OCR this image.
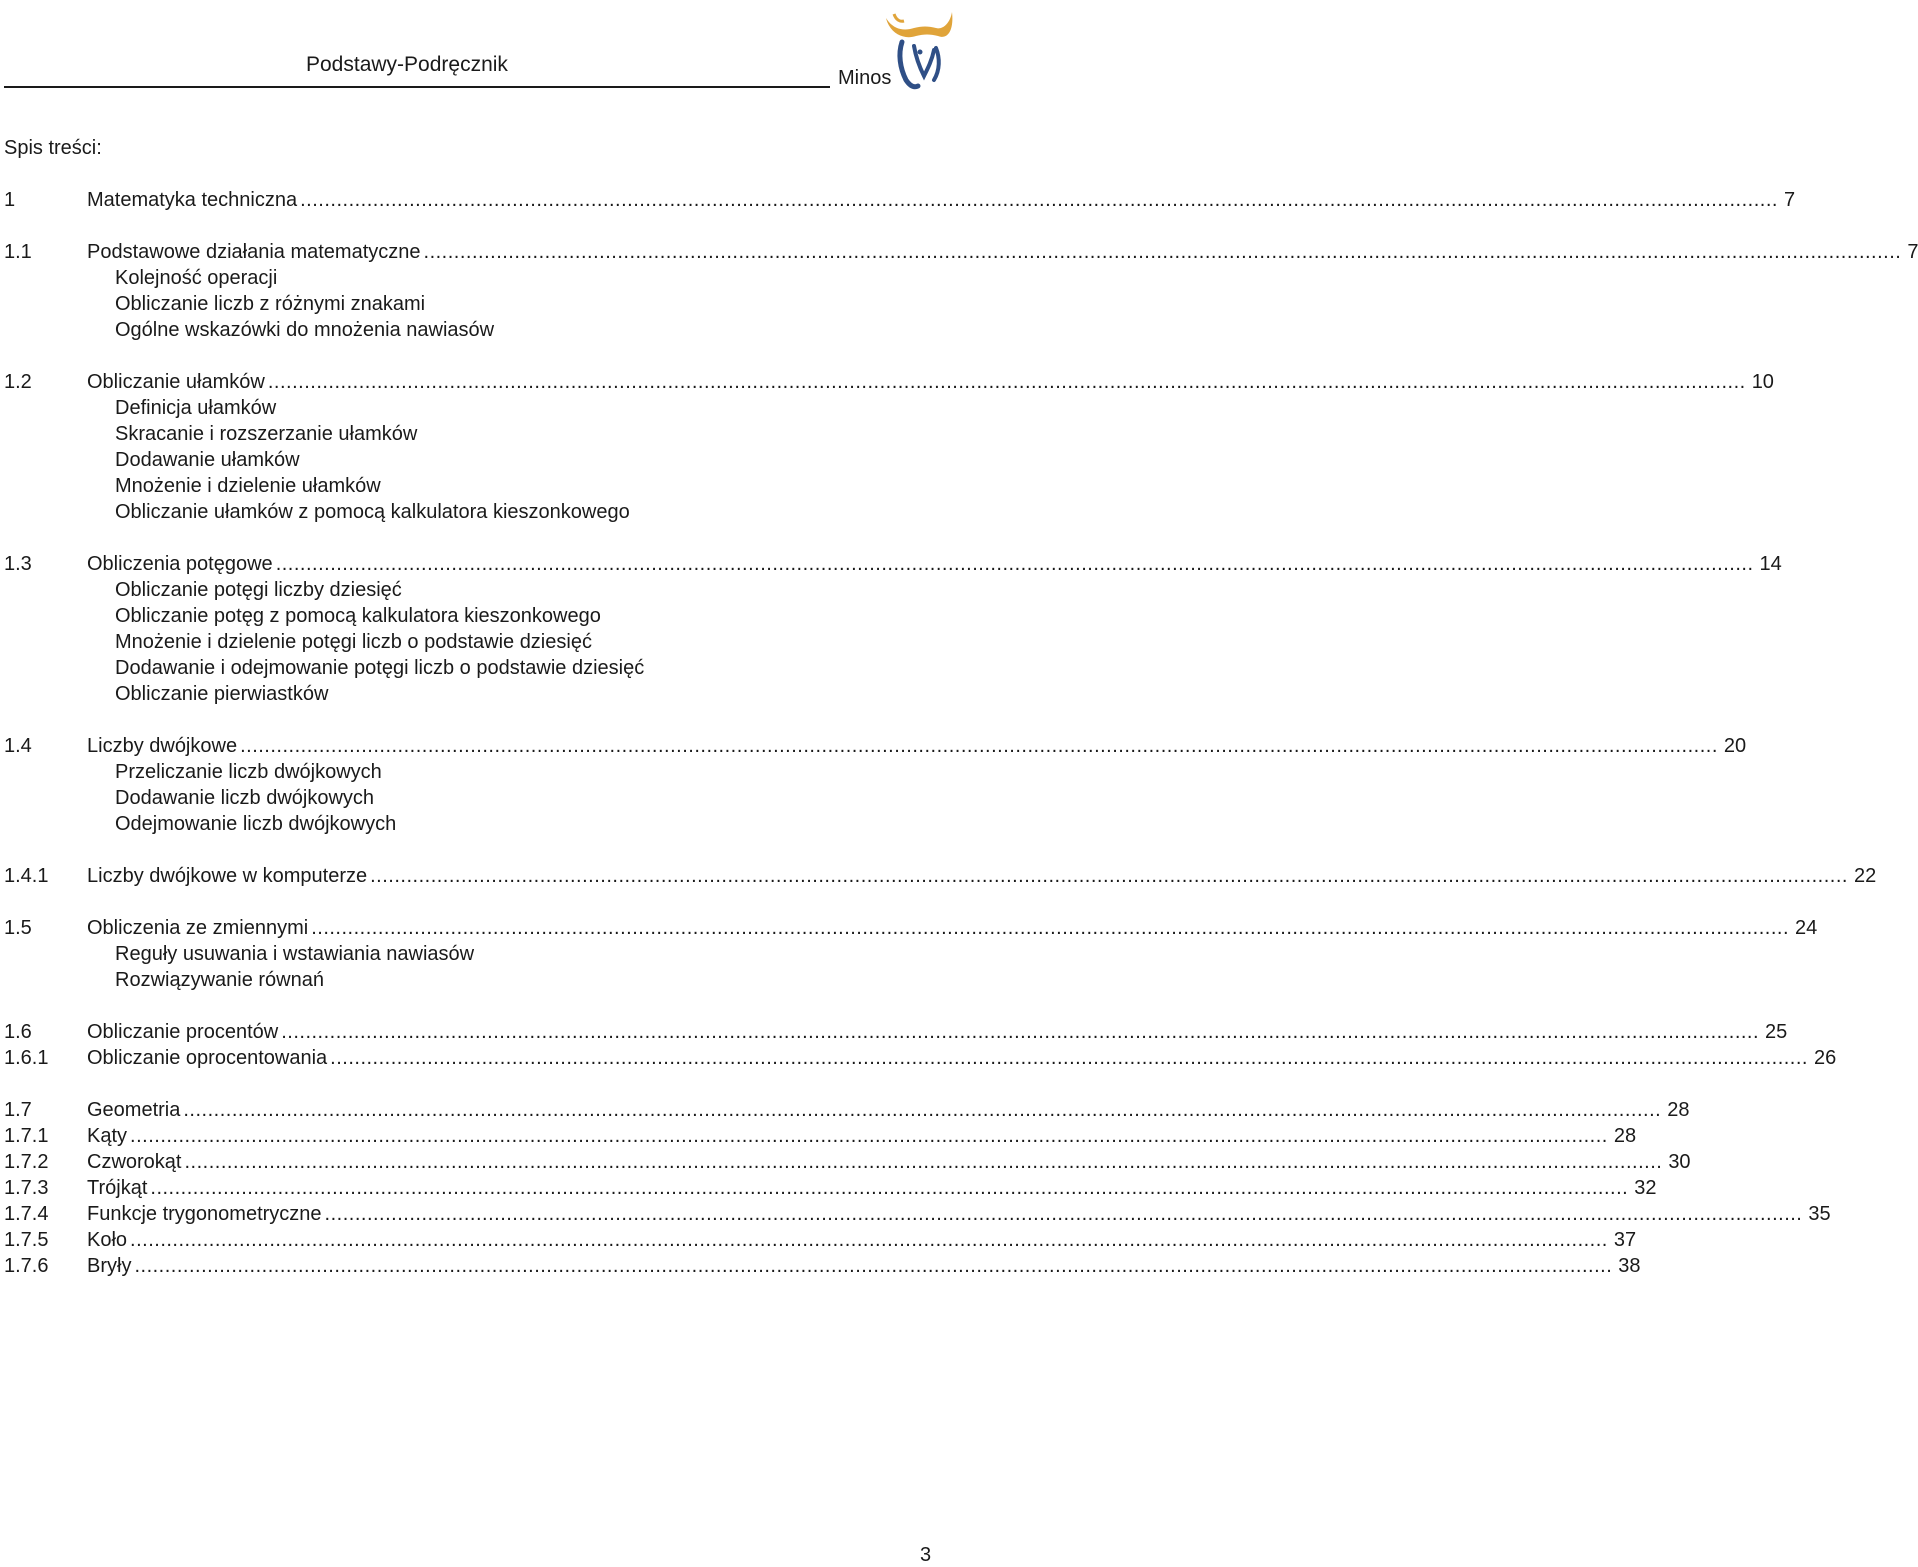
Podstawy-Podręcznik
Minos
Spis treści:
1	Matematyka techniczna .................................................................................................................................................................................................................................................... 7
1.1	Podstawowe działania matematyczne .................................................................................................................................................................................................................................................... 7
Kolejność operacji
Obliczanie liczb z różnymi znakami
Ogólne wskazówki do mnożenia nawiasów
1.2	Obliczanie ułamków .................................................................................................................................................................................................................................................... 10
Definicja ułamków
Skracanie i rozszerzanie ułamków
Dodawanie ułamków
Mnożenie i dzielenie ułamków
Obliczanie ułamków z pomocą kalkulatora kieszonkowego
1.3	Obliczenia potęgowe .................................................................................................................................................................................................................................................... 14
Obliczanie potęgi liczby dziesięć
Obliczanie potęg z pomocą kalkulatora kieszonkowego
Mnożenie i dzielenie potęgi liczb o podstawie dziesięć
Dodawanie i odejmowanie potęgi liczb o podstawie dziesięć
Obliczanie pierwiastków
1.4	Liczby dwójkowe .................................................................................................................................................................................................................................................... 20
Przeliczanie liczb dwójkowych
Dodawanie liczb dwójkowych
Odejmowanie liczb dwójkowych
1.4.1 Liczby dwójkowe w komputerze .................................................................................................................................................................................................................................................... 22
1.5	Obliczenia ze zmiennymi .................................................................................................................................................................................................................................................... 24
Reguły usuwania i wstawiania nawiasów
Rozwiązywanie równań
1.6	Obliczanie procentów .................................................................................................................................................................................................................................................... 25
1.6.1 Obliczanie oprocentowania .................................................................................................................................................................................................................................................... 26
1.7	Geometria .................................................................................................................................................................................................................................................... 28
1.7.1 Kąty .................................................................................................................................................................................................................................................... 28
1.7.2 Czworokąt .................................................................................................................................................................................................................................................... 30
1.7.3 Trójkąt .................................................................................................................................................................................................................................................... 32
1.7.4 Funkcje trygonometryczne .................................................................................................................................................................................................................................................... 35
1.7.5 Koło .................................................................................................................................................................................................................................................... 37
1.7.6 Bryły .................................................................................................................................................................................................................................................... 38
3
